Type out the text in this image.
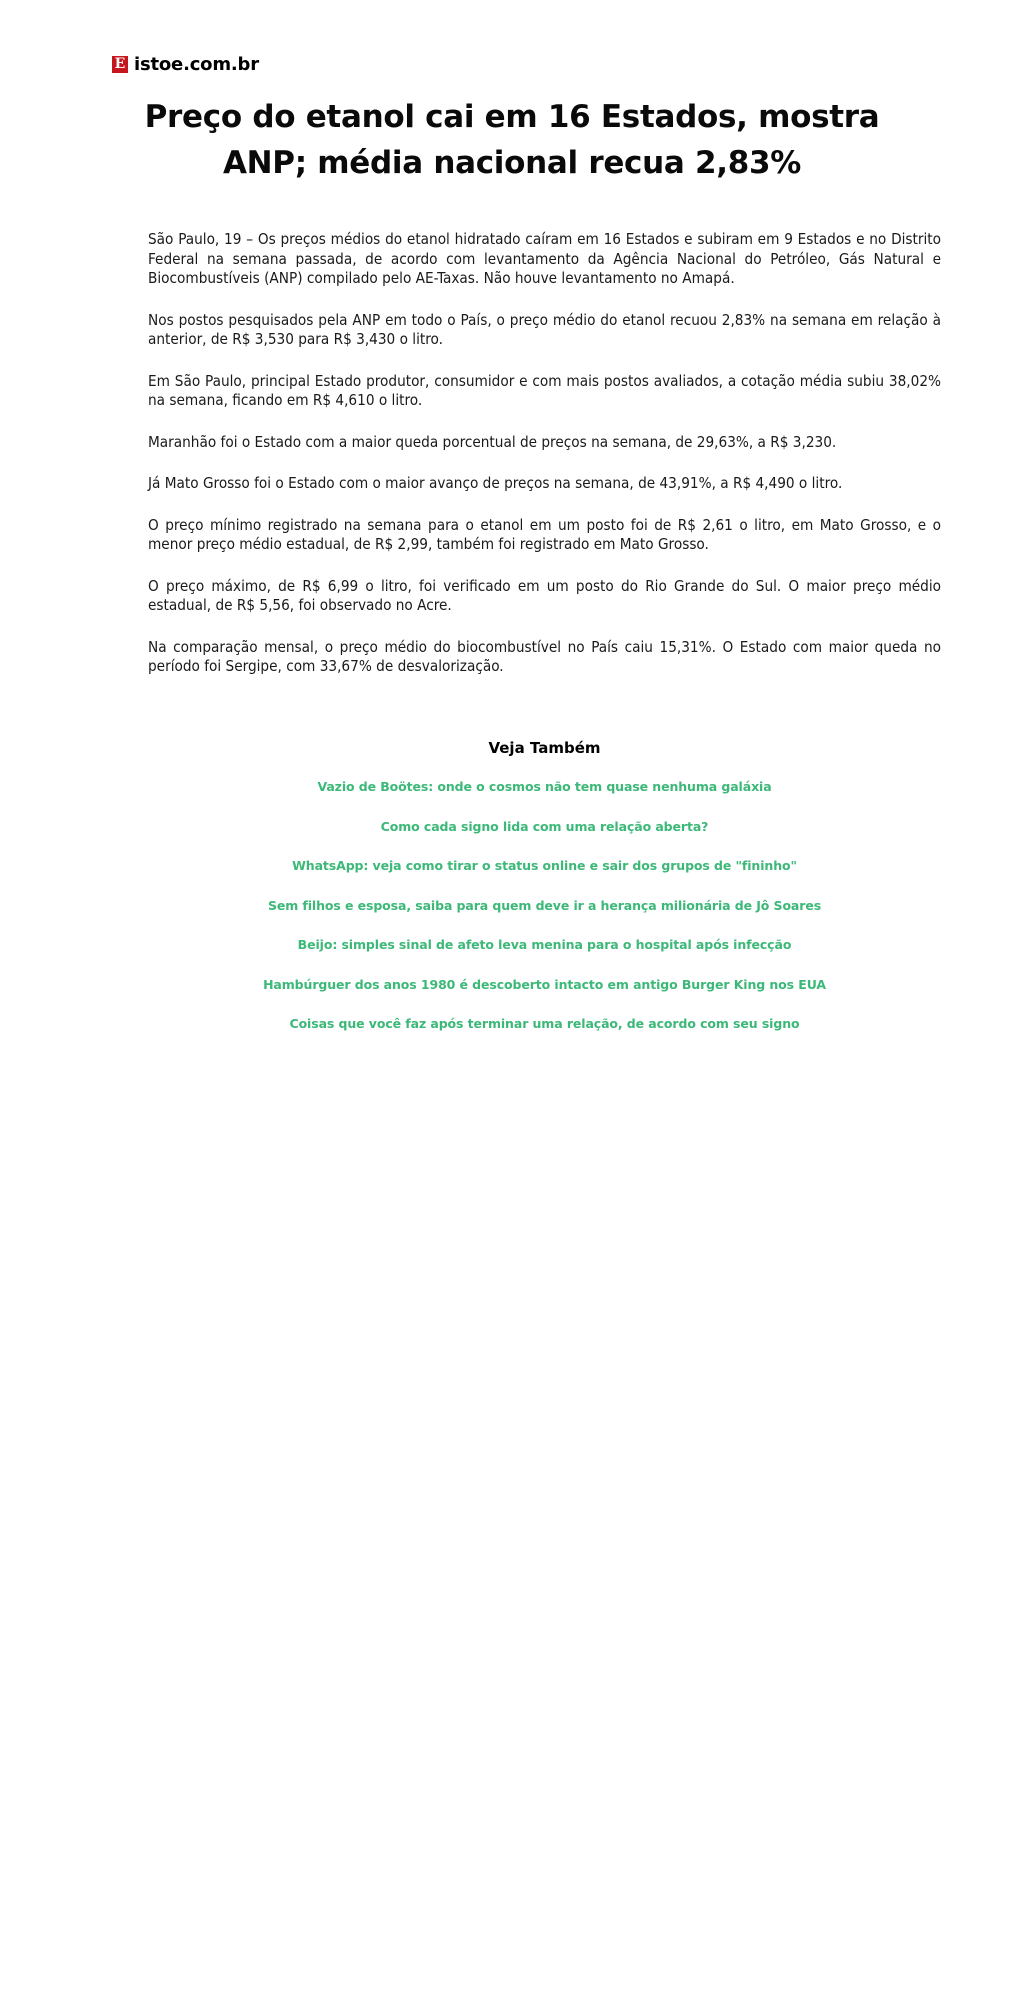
E istoe.com.br
Preço do etanol cai em 16 Estados, mostra ANP; média nacional recua 2,83%

São Paulo, 19 – Os preços médios do etanol hidratado caíram em 16 Estados e subiram em 9 Estados e no Distrito Federal na semana passada, de acordo com levantamento da Agência Nacional do Petróleo, Gás Natural e Biocombustíveis (ANP) compilado pelo AE-Taxas. Não houve levantamento no Amapá.

Nos postos pesquisados pela ANP em todo o País, o preço médio do etanol recuou 2,83% na semana em relação à anterior, de R$ 3,530 para R$ 3,430 o litro.

Em São Paulo, principal Estado produtor, consumidor e com mais postos avaliados, a cotação média subiu 38,02% na semana, ficando em R$ 4,610 o litro.

Maranhão foi o Estado com a maior queda porcentual de preços na semana, de 29,63%, a R$ 3,230.

Já Mato Grosso foi o Estado com o maior avanço de preços na semana, de 43,91%, a R$ 4,490 o litro.

O preço mínimo registrado na semana para o etanol em um posto foi de R$ 2,61 o litro, em Mato Grosso, e o menor preço médio estadual, de R$ 2,99, também foi registrado em Mato Grosso.

O preço máximo, de R$ 6,99 o litro, foi verificado em um posto do Rio Grande do Sul. O maior preço médio estadual, de R$ 5,56, foi observado no Acre.

Na comparação mensal, o preço médio do biocombustível no País caiu 15,31%. O Estado com maior queda no período foi Sergipe, com 33,67% de desvalorização.

Veja Também
Vazio de Boötes: onde o cosmos não tem quase nenhuma galáxia
Como cada signo lida com uma relação aberta?
WhatsApp: veja como tirar o status online e sair dos grupos de "fininho"
Sem filhos e esposa, saiba para quem deve ir a herança milionária de Jô Soares
Beijo: simples sinal de afeto leva menina para o hospital após infecção
Hambúrguer dos anos 1980 é descoberto intacto em antigo Burger King nos EUA
Coisas que você faz após terminar uma relação, de acordo com seu signo
